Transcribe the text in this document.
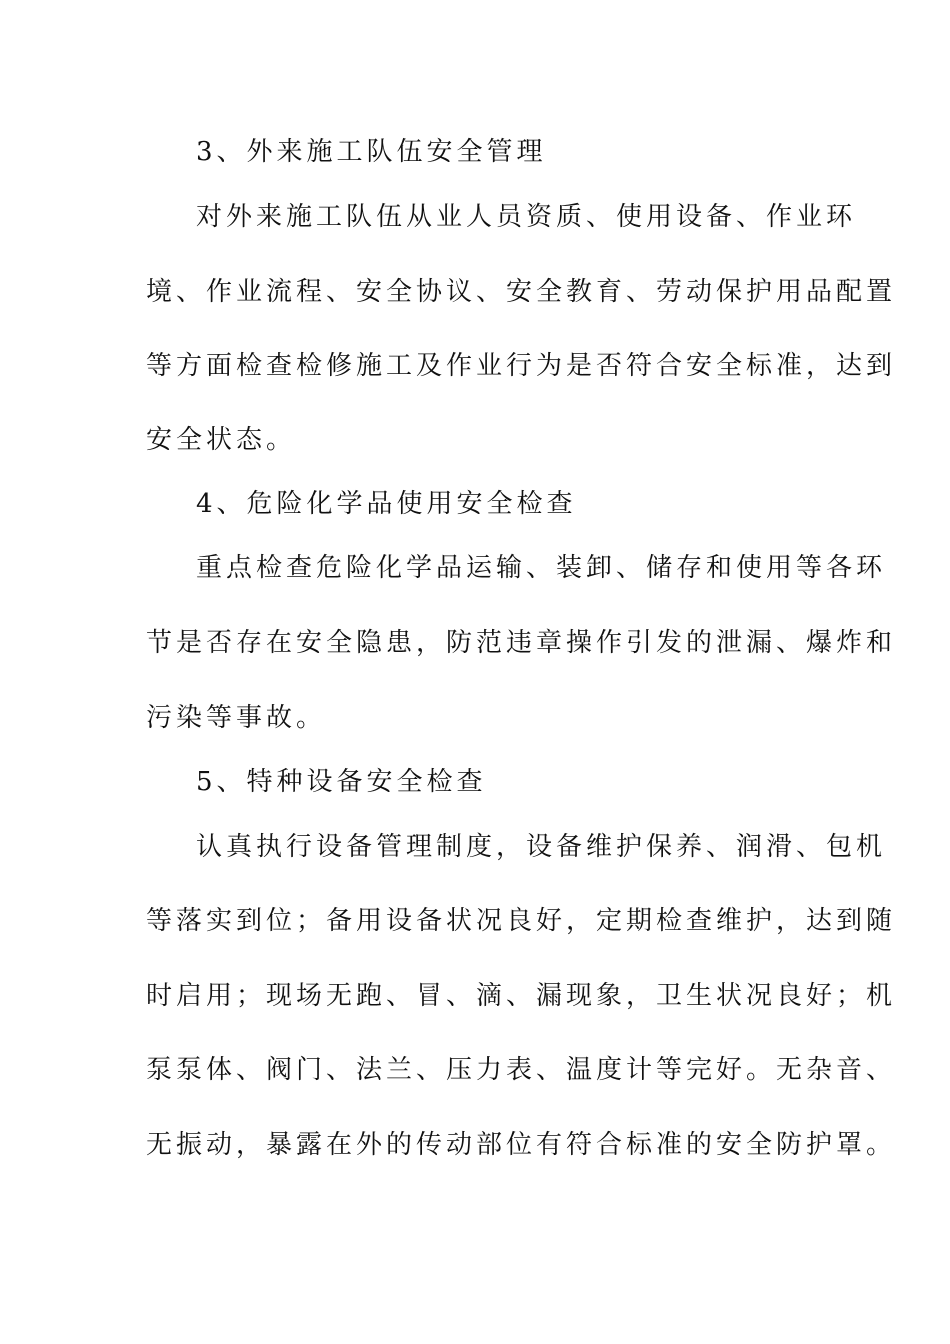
3、外来施工队伍安全管理
对外来施工队伍从业人员资质、使用设备、作业环
境、作业流程、安全协议、安全教育、劳动保护用品配置
等方面检查检修施工及作业行为是否符合安全标准，达到
安全状态。
4、危险化学品使用安全检查
重点检查危险化学品运输、装卸、储存和使用等各环
节是否存在安全隐患，防范违章操作引发的泄漏、爆炸和
污染等事故。
5、特种设备安全检查
认真执行设备管理制度，设备维护保养、润滑、包机
等落实到位；备用设备状况良好，定期检查维护，达到随
时启用；现场无跑、冒、滴、漏现象，卫生状况良好；机
泵泵体、阀门、法兰、压力表、温度计等完好。无杂音、
无振动，暴露在外的传动部位有符合标准的安全防护罩。
